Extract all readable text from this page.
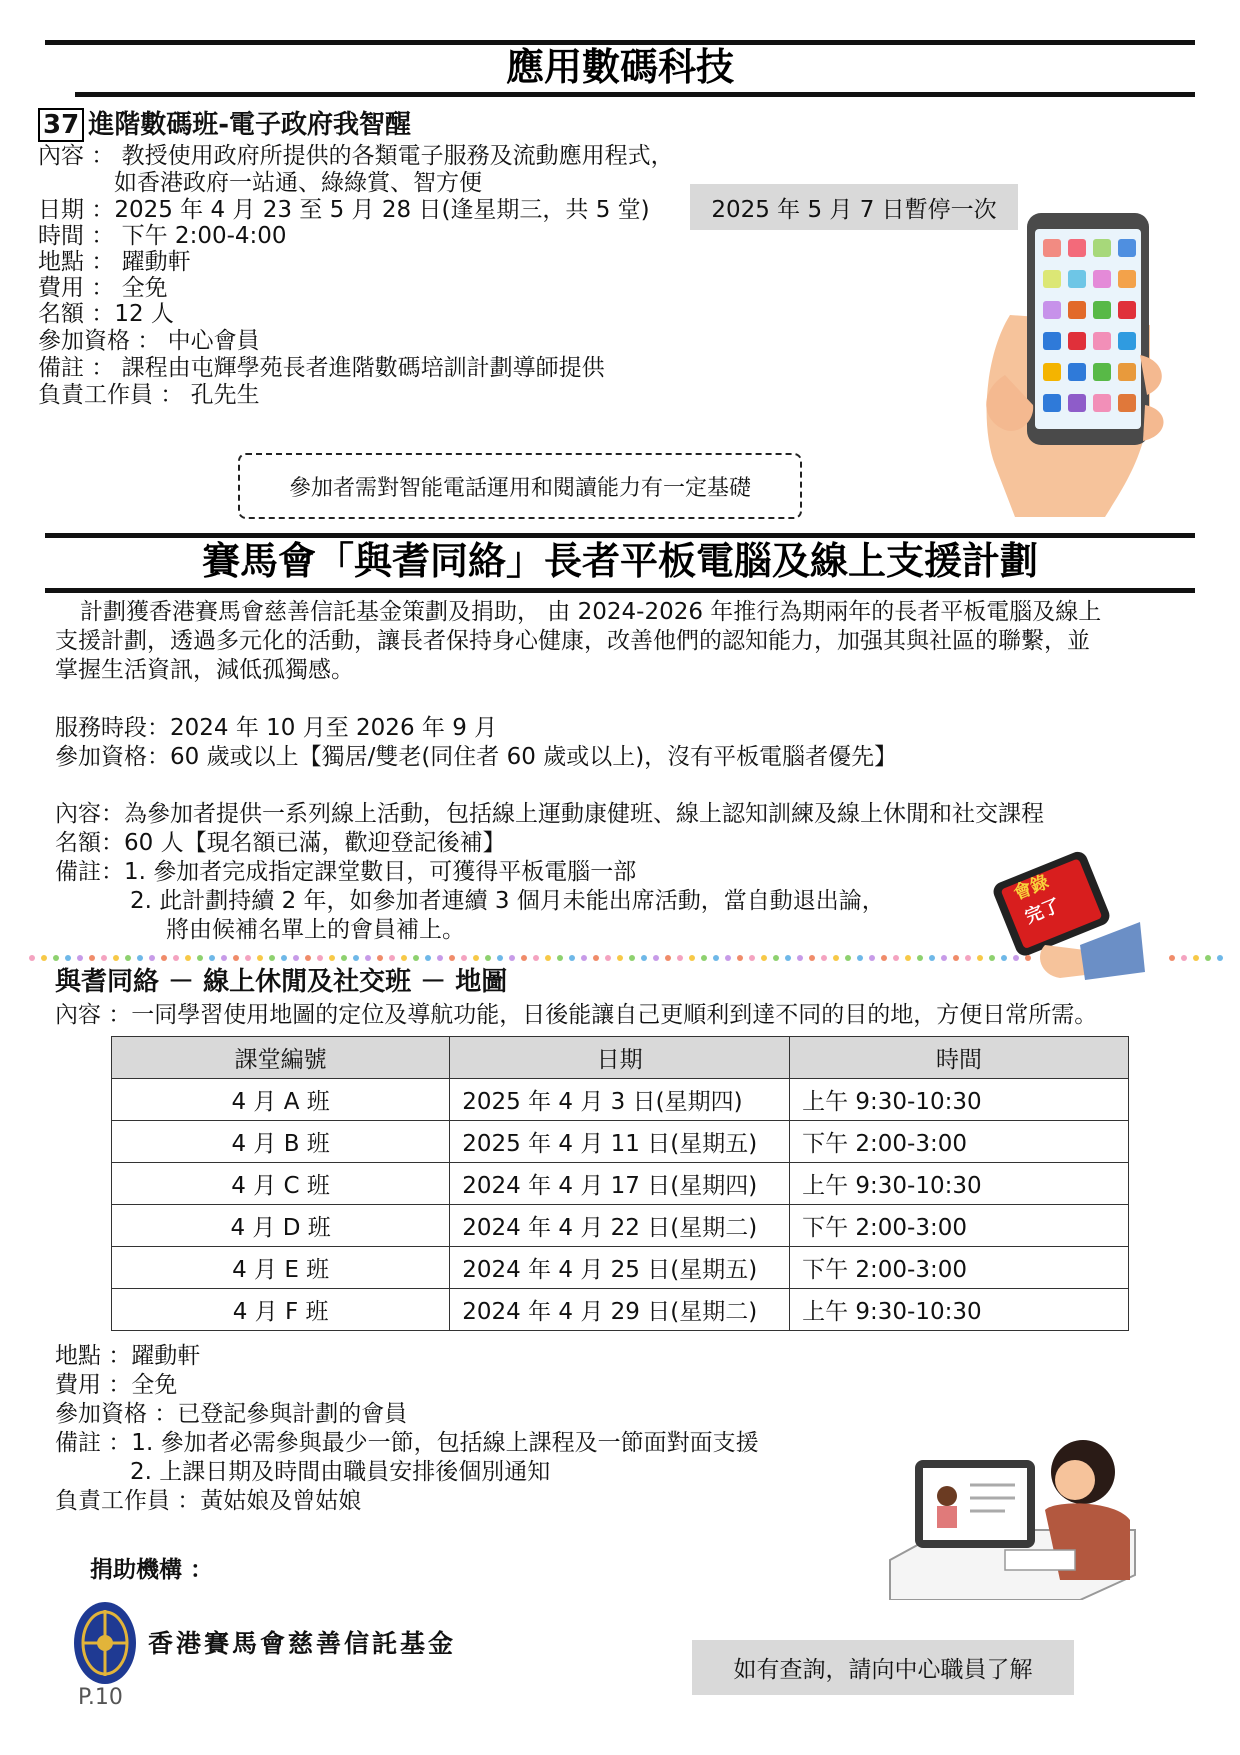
應用數碼科技
37 進階數碼班-電子政府我智醒
內容 ： 教授使用政府所提供的各類電子服務及流動應用程式，
如香港政府一站通、綠綠賞、智方便
日期 ：2025 年 4 月 23 至 5 月 28 日(逢星期三，共 5 堂)	2025 年 5 月 7 日暫停一次
時間 ： 下午 2:00-4:00
地點 ： 躍動軒
費用 ： 全免
名額 ：12 人
參加資格 ： 中心會員
備註 ： 課程由屯輝學苑長者進階數碼培訓計劃導師提供
負責工作員 ： 孔先生
參加者需對智能電話運用和閱讀能力有一定基礎
賽馬會「與耆同絡」長者平板電腦及線上支援計劃
計劃獲香港賽馬會慈善信託基金策劃及捐助， 由 2024-2026 年推行為期兩年的長者平板電腦及線上
支援計劃，透過多元化的活動，讓長者保持身心健康，改善他們的認知能力，加强其與社區的聯繫，並
掌握生活資訊，減低孤獨感。
服務時段：2024 年 10 月至 2026 年 9 月
參加資格：60 歲或以上【獨居/雙老(同住者 60 歲或以上)，沒有平板電腦者優先】
內容：為參加者提供一系列線上活動，包括線上運動康健班、線上認知訓練及線上休閒和社交課程
名額：60 人【現名額已滿，歡迎登記後補】
備註：1. 參加者完成指定課堂數目，可獲得平板電腦一部
2. 此計劃持續 2 年，如參加者連續 3 個月未能出席活動，當自動退出論，
將由候補名單上的會員補上。
會錄
完了
與耆同絡 － 線上休閒及社交班 － 地圖
內容 ：一同學習使用地圖的定位及導航功能，日後能讓自己更順利到達不同的目的地，方便日常所需。
課堂編號	日期	時間
4 月 A 班	2025 年 4 月 3 日(星期四)	上午 9:30-10:30
4 月 B 班	2025 年 4 月 11 日(星期五)	下午 2:00-3:00
4 月 C 班	2024 年 4 月 17 日(星期四)	上午 9:30-10:30
4 月 D 班	2024 年 4 月 22 日(星期二)	下午 2:00-3:00
4 月 E 班	2024 年 4 月 25 日(星期五)	下午 2:00-3:00
4 月 F 班	2024 年 4 月 29 日(星期二)	上午 9:30-10:30
地點 ：躍動軒
費用 ：全免
參加資格 ：已登記參與計劃的會員
備註 ：1. 參加者必需參與最少一節，包括線上課程及一節面對面支援
2. 上課日期及時間由職員安排後個別通知
負責工作員 ：黃姑娘及曾姑娘
捐助機構 ：
香港賽馬會慈善信託基金
如有查詢，請向中心職員了解
P.10
